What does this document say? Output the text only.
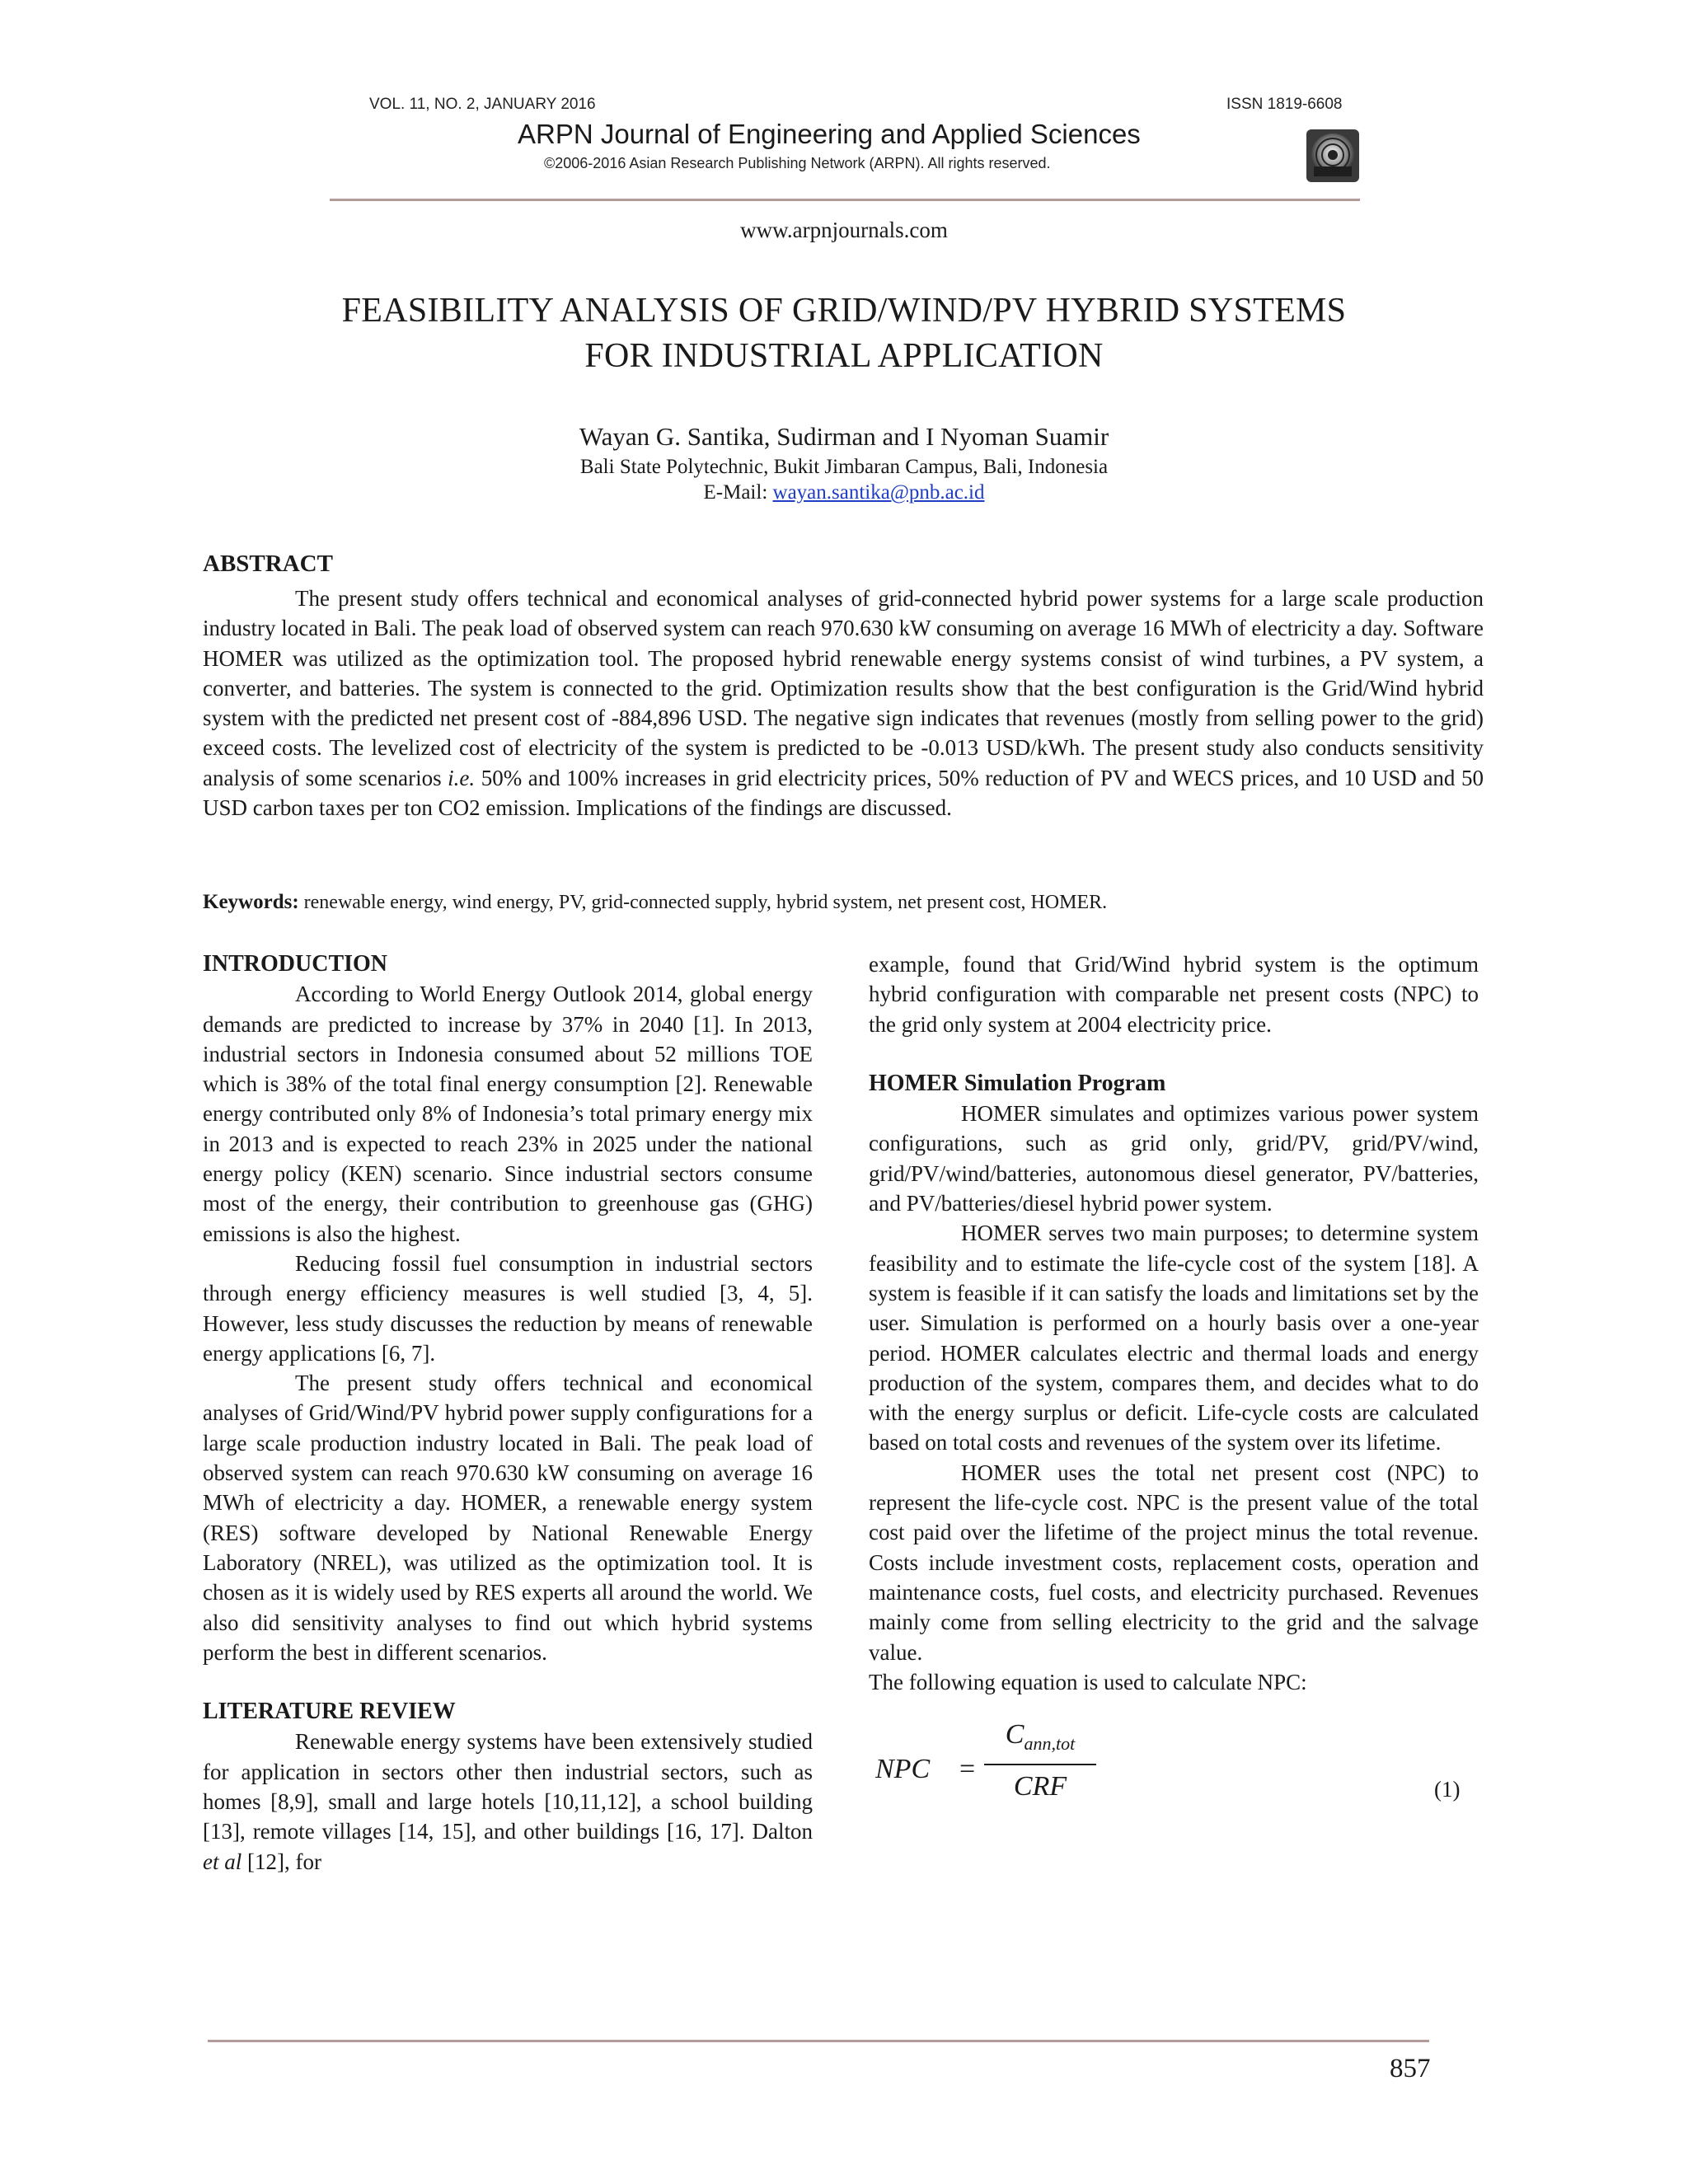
VOL. 11, NO. 2, JANUARY 2016	ISSN 1819-6608
ARPN Journal of Engineering and Applied Sciences
©2006-2016 Asian Research Publishing Network (ARPN). All rights reserved.
www.arpnjournals.com
FEASIBILITY ANALYSIS OF GRID/WIND/PV HYBRID SYSTEMS
FOR INDUSTRIAL APPLICATION
Wayan G. Santika, Sudirman and I Nyoman Suamir
Bali State Polytechnic, Bukit Jimbaran Campus, Bali, Indonesia
E-Mail: wayan.santika@pnb.ac.id
ABSTRACT

The present study offers technical and economical analyses of grid-connected hybrid power systems for a large scale production industry located in Bali. The peak load of observed system can reach 970.630 kW consuming on average 16 MWh of electricity a day. Software HOMER was utilized as the optimization tool. The proposed hybrid renewable energy systems consist of wind turbines, a PV system, a converter, and batteries. The system is connected to the grid. Optimization results show that the best configuration is the Grid/Wind hybrid system with the predicted net present cost of -884,896 USD. The negative sign indicates that revenues (mostly from selling power to the grid) exceed costs. The levelized cost of electricity of the system is predicted to be -0.013 USD/kWh. The present study also conducts sensitivity analysis of some scenarios i.e. 50% and 100% increases in grid electricity prices, 50% reduction of PV and WECS prices, and 10 USD and 50 USD carbon taxes per ton CO2 emission. Implications of the findings are discussed.

Keywords: renewable energy, wind energy, PV, grid-connected supply, hybrid system, net present cost, HOMER.

INTRODUCTION

According to World Energy Outlook 2014, global energy demands are predicted to increase by 37% in 2040 [1]. In 2013, industrial sectors in Indonesia consumed about 52 millions TOE which is 38% of the total final energy consumption [2]. Renewable energy contributed only 8% of Indonesia’s total primary energy mix in 2013 and is expected to reach 23% in 2025 under the national energy policy (KEN) scenario. Since industrial sectors consume most of the energy, their contribution to greenhouse gas (GHG) emissions is also the highest.

Reducing fossil fuel consumption in industrial sectors through energy efficiency measures is well studied [3, 4, 5]. However, less study discusses the reduction by means of renewable energy applications [6, 7].

The present study offers technical and economical analyses of Grid/Wind/PV hybrid power supply configurations for a large scale production industry located in Bali. The peak load of observed system can reach 970.630 kW consuming on average 16 MWh of electricity a day. HOMER, a renewable energy system (RES) software developed by National Renewable Energy Laboratory (NREL), was utilized as the optimization tool. It is chosen as it is widely used by RES experts all around the world. We also did sensitivity analyses to find out which hybrid systems perform the best in different scenarios.

LITERATURE REVIEW

Renewable energy systems have been extensively studied for application in sectors other then industrial sectors, such as homes [8,9], small and large hotels [10,11,12], a school building [13], remote villages [14, 15], and other buildings [16, 17]. Dalton et al [12], for

example, found that Grid/Wind hybrid system is the optimum hybrid configuration with comparable net present costs (NPC) to the grid only system at 2004 electricity price.

HOMER Simulation Program

HOMER simulates and optimizes various power system configurations, such as grid only, grid/PV, grid/PV/wind, grid/PV/wind/batteries, autonomous diesel generator, PV/batteries, and PV/batteries/diesel hybrid power system.

HOMER serves two main purposes; to determine system feasibility and to estimate the life-cycle cost of the system [18]. A system is feasible if it can satisfy the loads and limitations set by the user. Simulation is performed on a hourly basis over a one-year period. HOMER calculates electric and thermal loads and energy production of the system, compares them, and decides what to do with the energy surplus or deficit. Life-cycle costs are calculated based on total costs and revenues of the system over its lifetime.

HOMER uses the total net present cost (NPC) to represent the life-cycle cost. NPC is the present value of the total cost paid over the lifetime of the project minus the total revenue. Costs include investment costs, replacement costs, operation and maintenance costs, fuel costs, and electricity purchased. Revenues mainly come from selling electricity to the grid and the salvage value.

The following equation is used to calculate NPC:

NPC =
$C_{ann,tot}$
CRF	(1)
857
